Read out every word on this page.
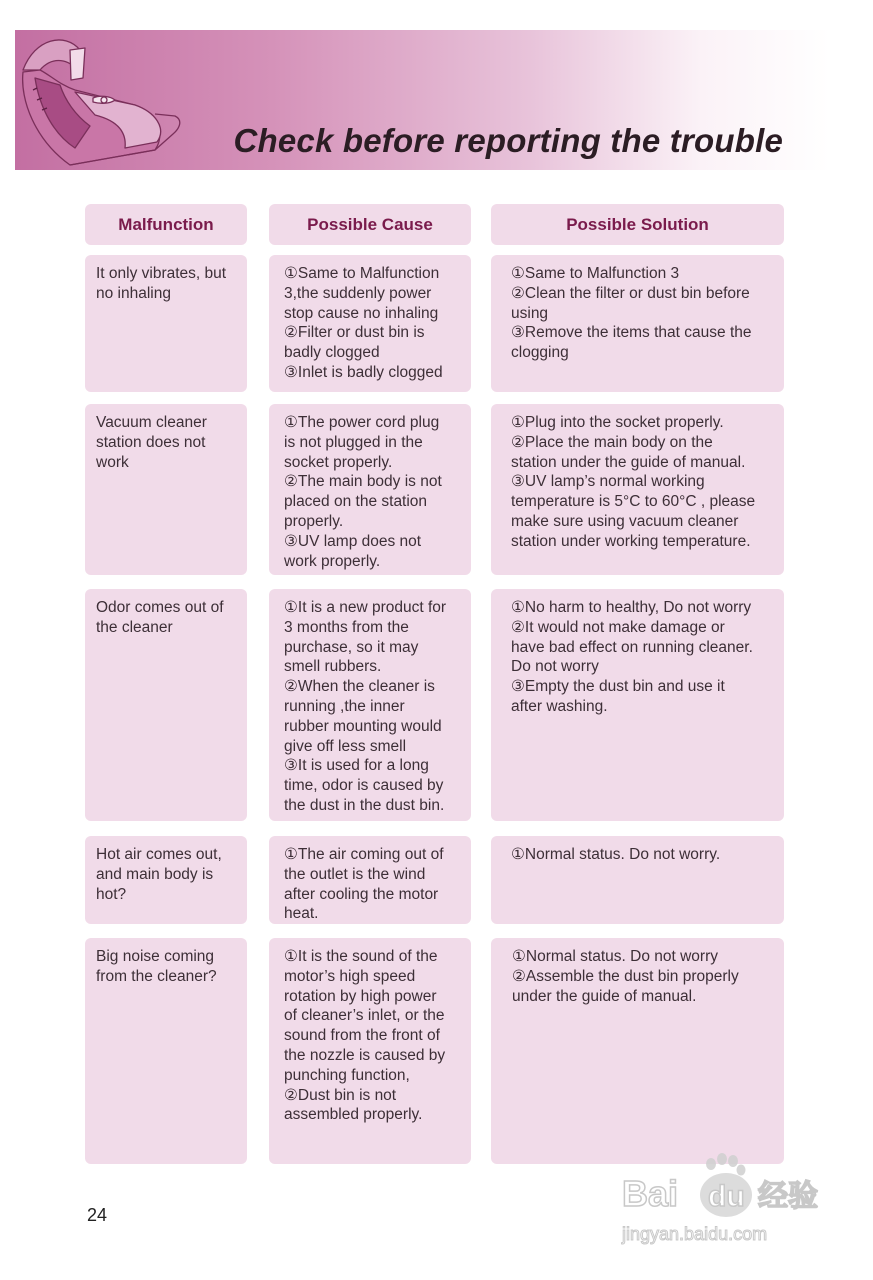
Check before reporting the trouble
Malfunction	Possible Cause	Possible Solution
It only vibrates, but
no inhaling
①Same to Malfunction
3,the suddenly power
stop cause no inhaling
②Filter or dust bin is
badly clogged
③Inlet is badly clogged
①Same to Malfunction 3
②Clean the filter or dust bin before
using
③Remove the items that cause the
clogging
Vacuum cleaner
station does not
work
①The power cord plug
is not plugged in the
socket properly.
②The main body is not
placed on the station
properly.
③UV lamp does not
work properly.
①Plug into the socket properly.
②Place the main body on the
station under the guide of manual.
③UV lamp’s normal working
temperature is 5°C to 60°C , please
make sure using vacuum cleaner
station under working temperature.
Odor comes out of
the cleaner
①It is a new product for
3 months from the
purchase, so it may
smell rubbers.
②When the cleaner is
running ,the inner
rubber mounting would
give off less smell
③It is used for a long
time, odor is caused by
the dust in the dust bin.
①No harm to healthy, Do not worry
②It would not make damage or
have bad effect on running cleaner.
Do not worry
③Empty the dust bin and use it
after washing.
Hot air comes out,
and main body is
hot?
①The air coming out of
the outlet is the wind
after cooling the motor
heat.
①Normal status. Do not worry.
Big noise coming
from the cleaner?
①It is the sound of the
motor’s high speed
rotation by high power
of cleaner’s inlet, or the
sound from the front of
the nozzle is caused by
punching function,
②Dust bin is not
assembled properly.
①Normal status. Do not worry
②Assemble the dust bin properly
under the guide of manual.
24
Bai du 经验
jingyan.baidu.com
